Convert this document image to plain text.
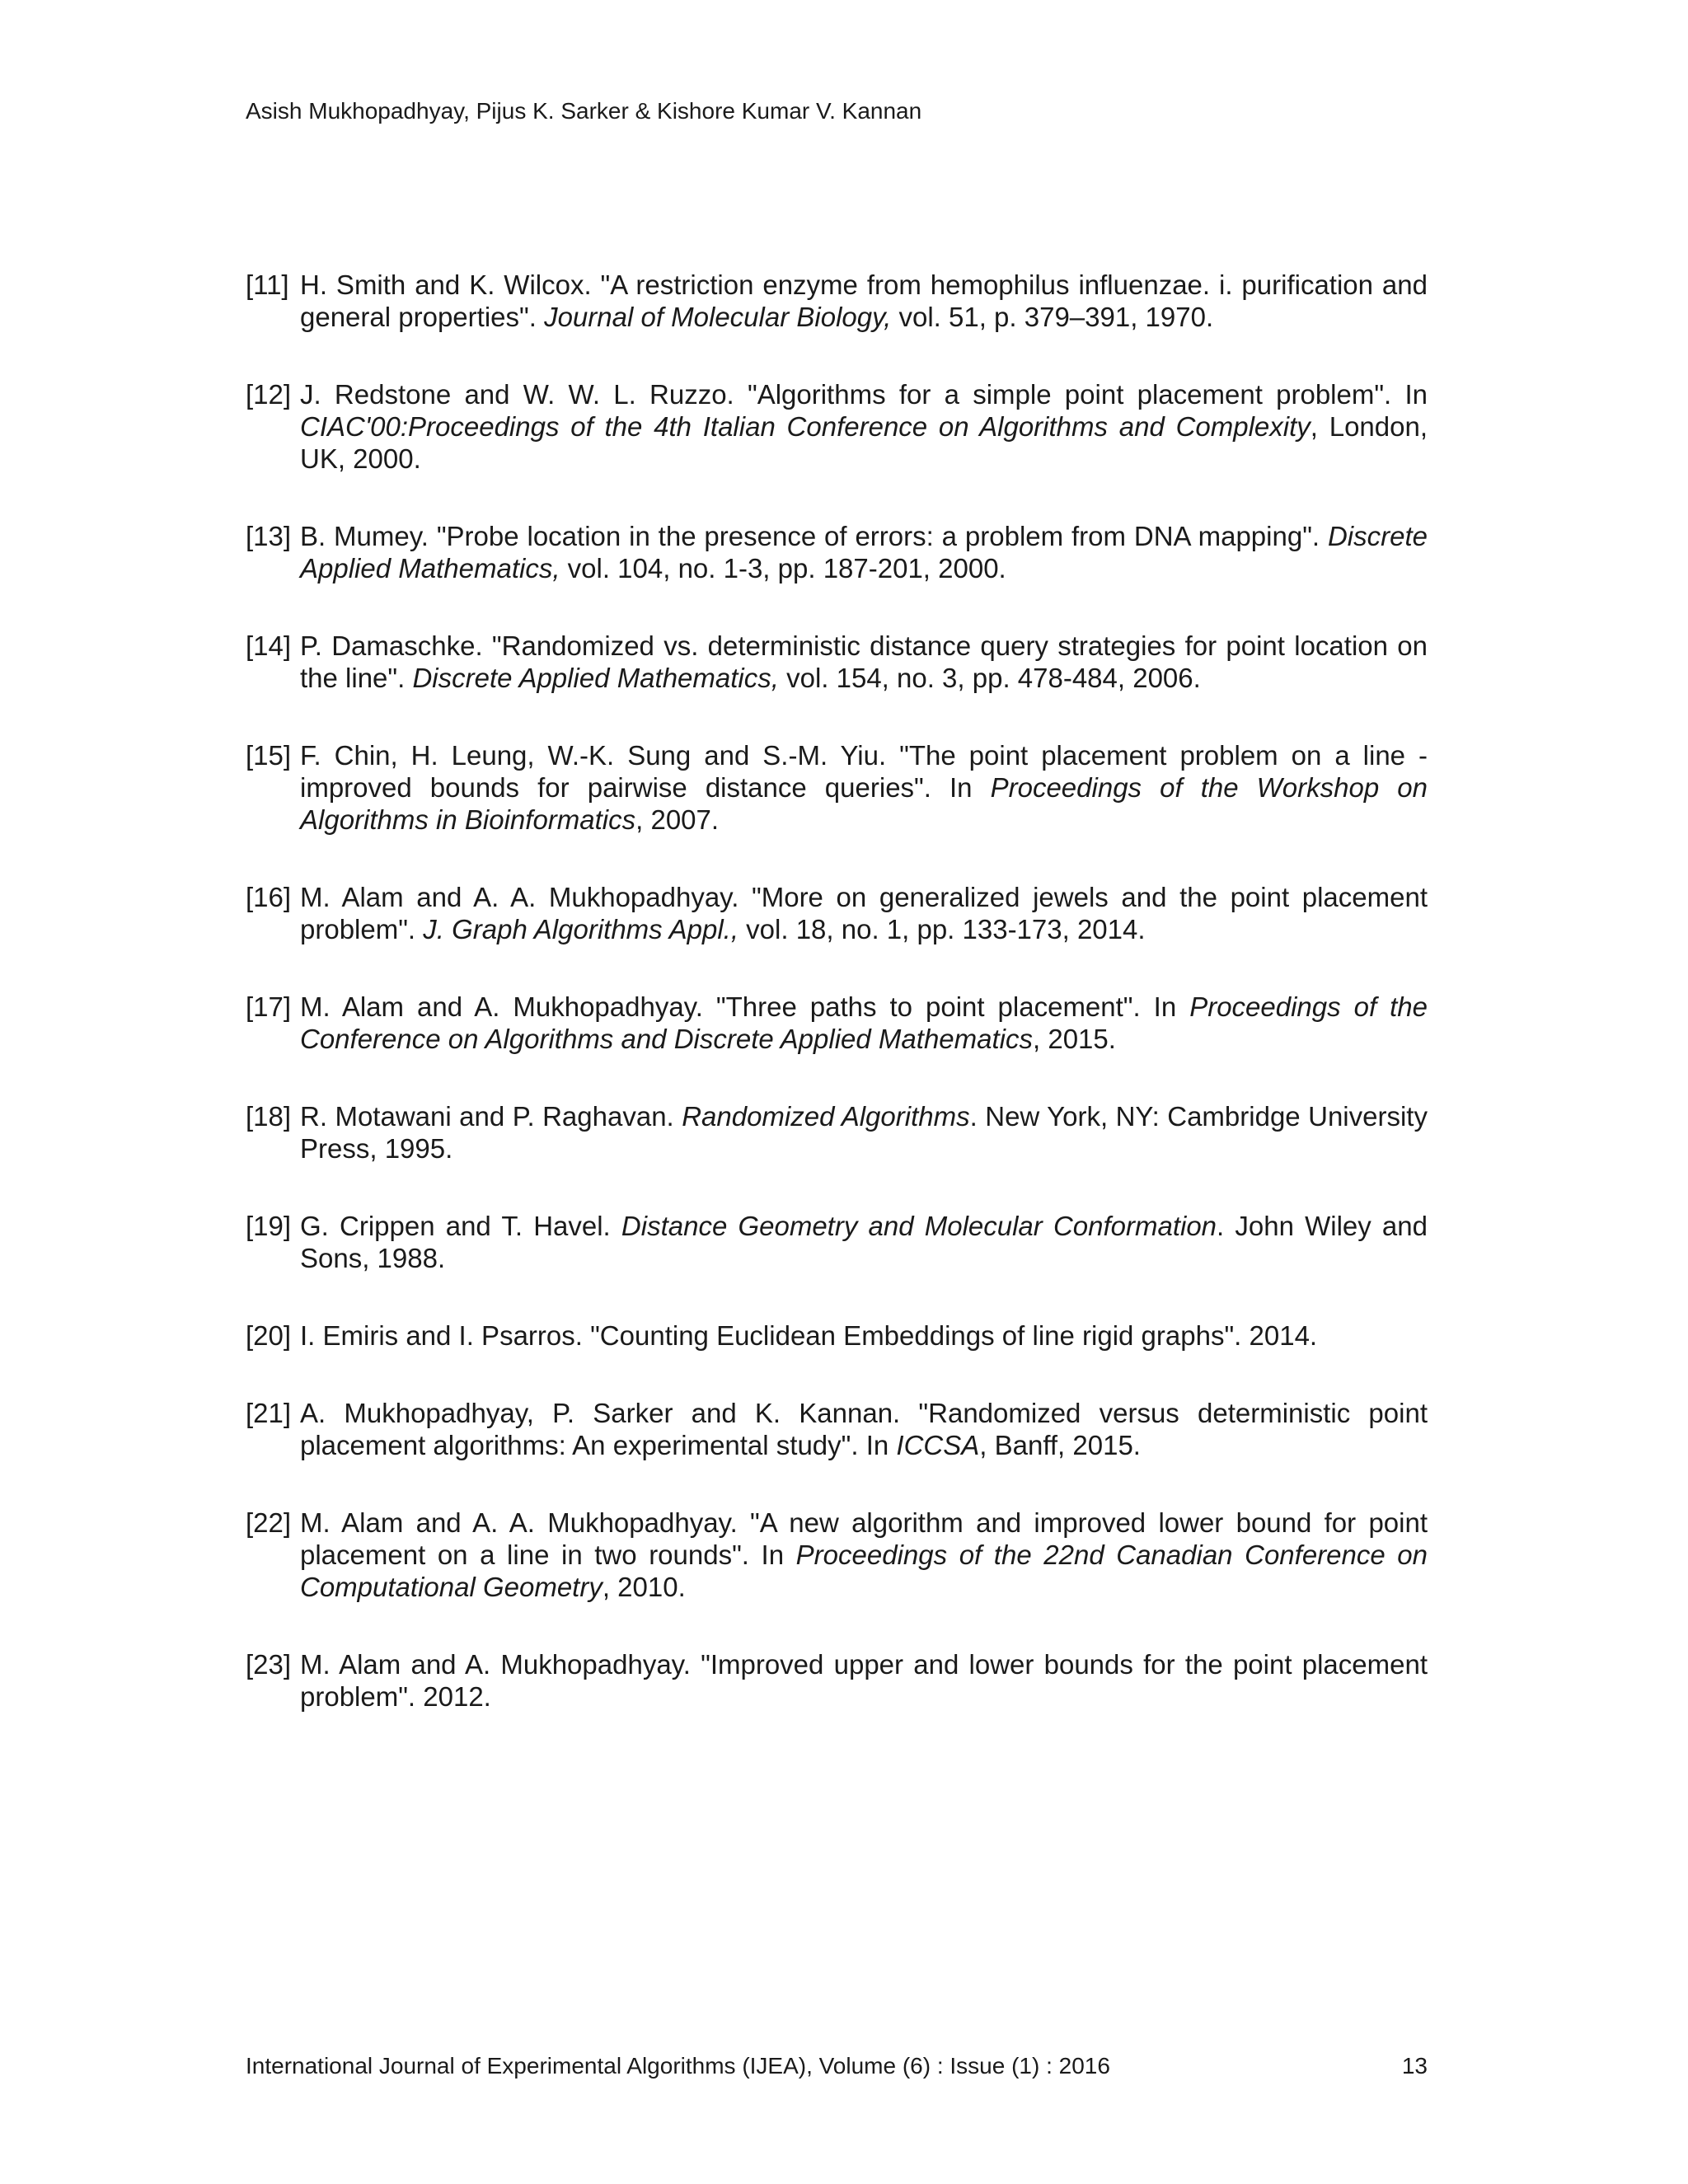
Asish Mukhopadhyay, Pijus K. Sarker & Kishore Kumar V. Kannan
[11] H. Smith and K. Wilcox. "A restriction enzyme from hemophilus influenzae. i. purification and general properties". Journal of Molecular Biology, vol. 51, p. 379–391, 1970.
[12] J. Redstone and W. W. L. Ruzzo. "Algorithms for a simple point placement problem". In CIAC'00:Proceedings of the 4th Italian Conference on Algorithms and Complexity, London, UK, 2000.
[13] B. Mumey. "Probe location in the presence of errors: a problem from DNA mapping". Discrete Applied Mathematics, vol. 104, no. 1-3, pp. 187-201, 2000.
[14] P. Damaschke. "Randomized vs. deterministic distance query strategies for point location on the line". Discrete Applied Mathematics, vol. 154, no. 3, pp. 478-484, 2006.
[15] F. Chin, H. Leung, W.-K. Sung and S.-M. Yiu. "The point placement problem on a line - improved bounds for pairwise distance queries". In Proceedings of the Workshop on Algorithms in Bioinformatics, 2007.
[16] M. Alam and A. A. Mukhopadhyay. "More on generalized jewels and the point placement problem". J. Graph Algorithms Appl., vol. 18, no. 1, pp. 133-173, 2014.
[17] M. Alam and A. Mukhopadhyay. "Three paths to point placement". In Proceedings of the Conference on Algorithms and Discrete Applied Mathematics, 2015.
[18] R. Motawani and P. Raghavan. Randomized Algorithms. New York, NY: Cambridge University Press, 1995.
[19] G. Crippen and T. Havel. Distance Geometry and Molecular Conformation. John Wiley and Sons, 1988.
[20] I. Emiris and I. Psarros. "Counting Euclidean Embeddings of line rigid graphs". 2014.
[21] A. Mukhopadhyay, P. Sarker and K. Kannan. "Randomized versus deterministic point placement algorithms: An experimental study". In ICCSA, Banff, 2015.
[22] M. Alam and A. A. Mukhopadhyay. "A new algorithm and improved lower bound for point placement on a line in two rounds". In Proceedings of the 22nd Canadian Conference on Computational Geometry, 2010.
[23] M. Alam and A. Mukhopadhyay. "Improved upper and lower bounds for the point placement problem". 2012.
International Journal of Experimental Algorithms (IJEA), Volume (6) : Issue (1) : 2016	13
